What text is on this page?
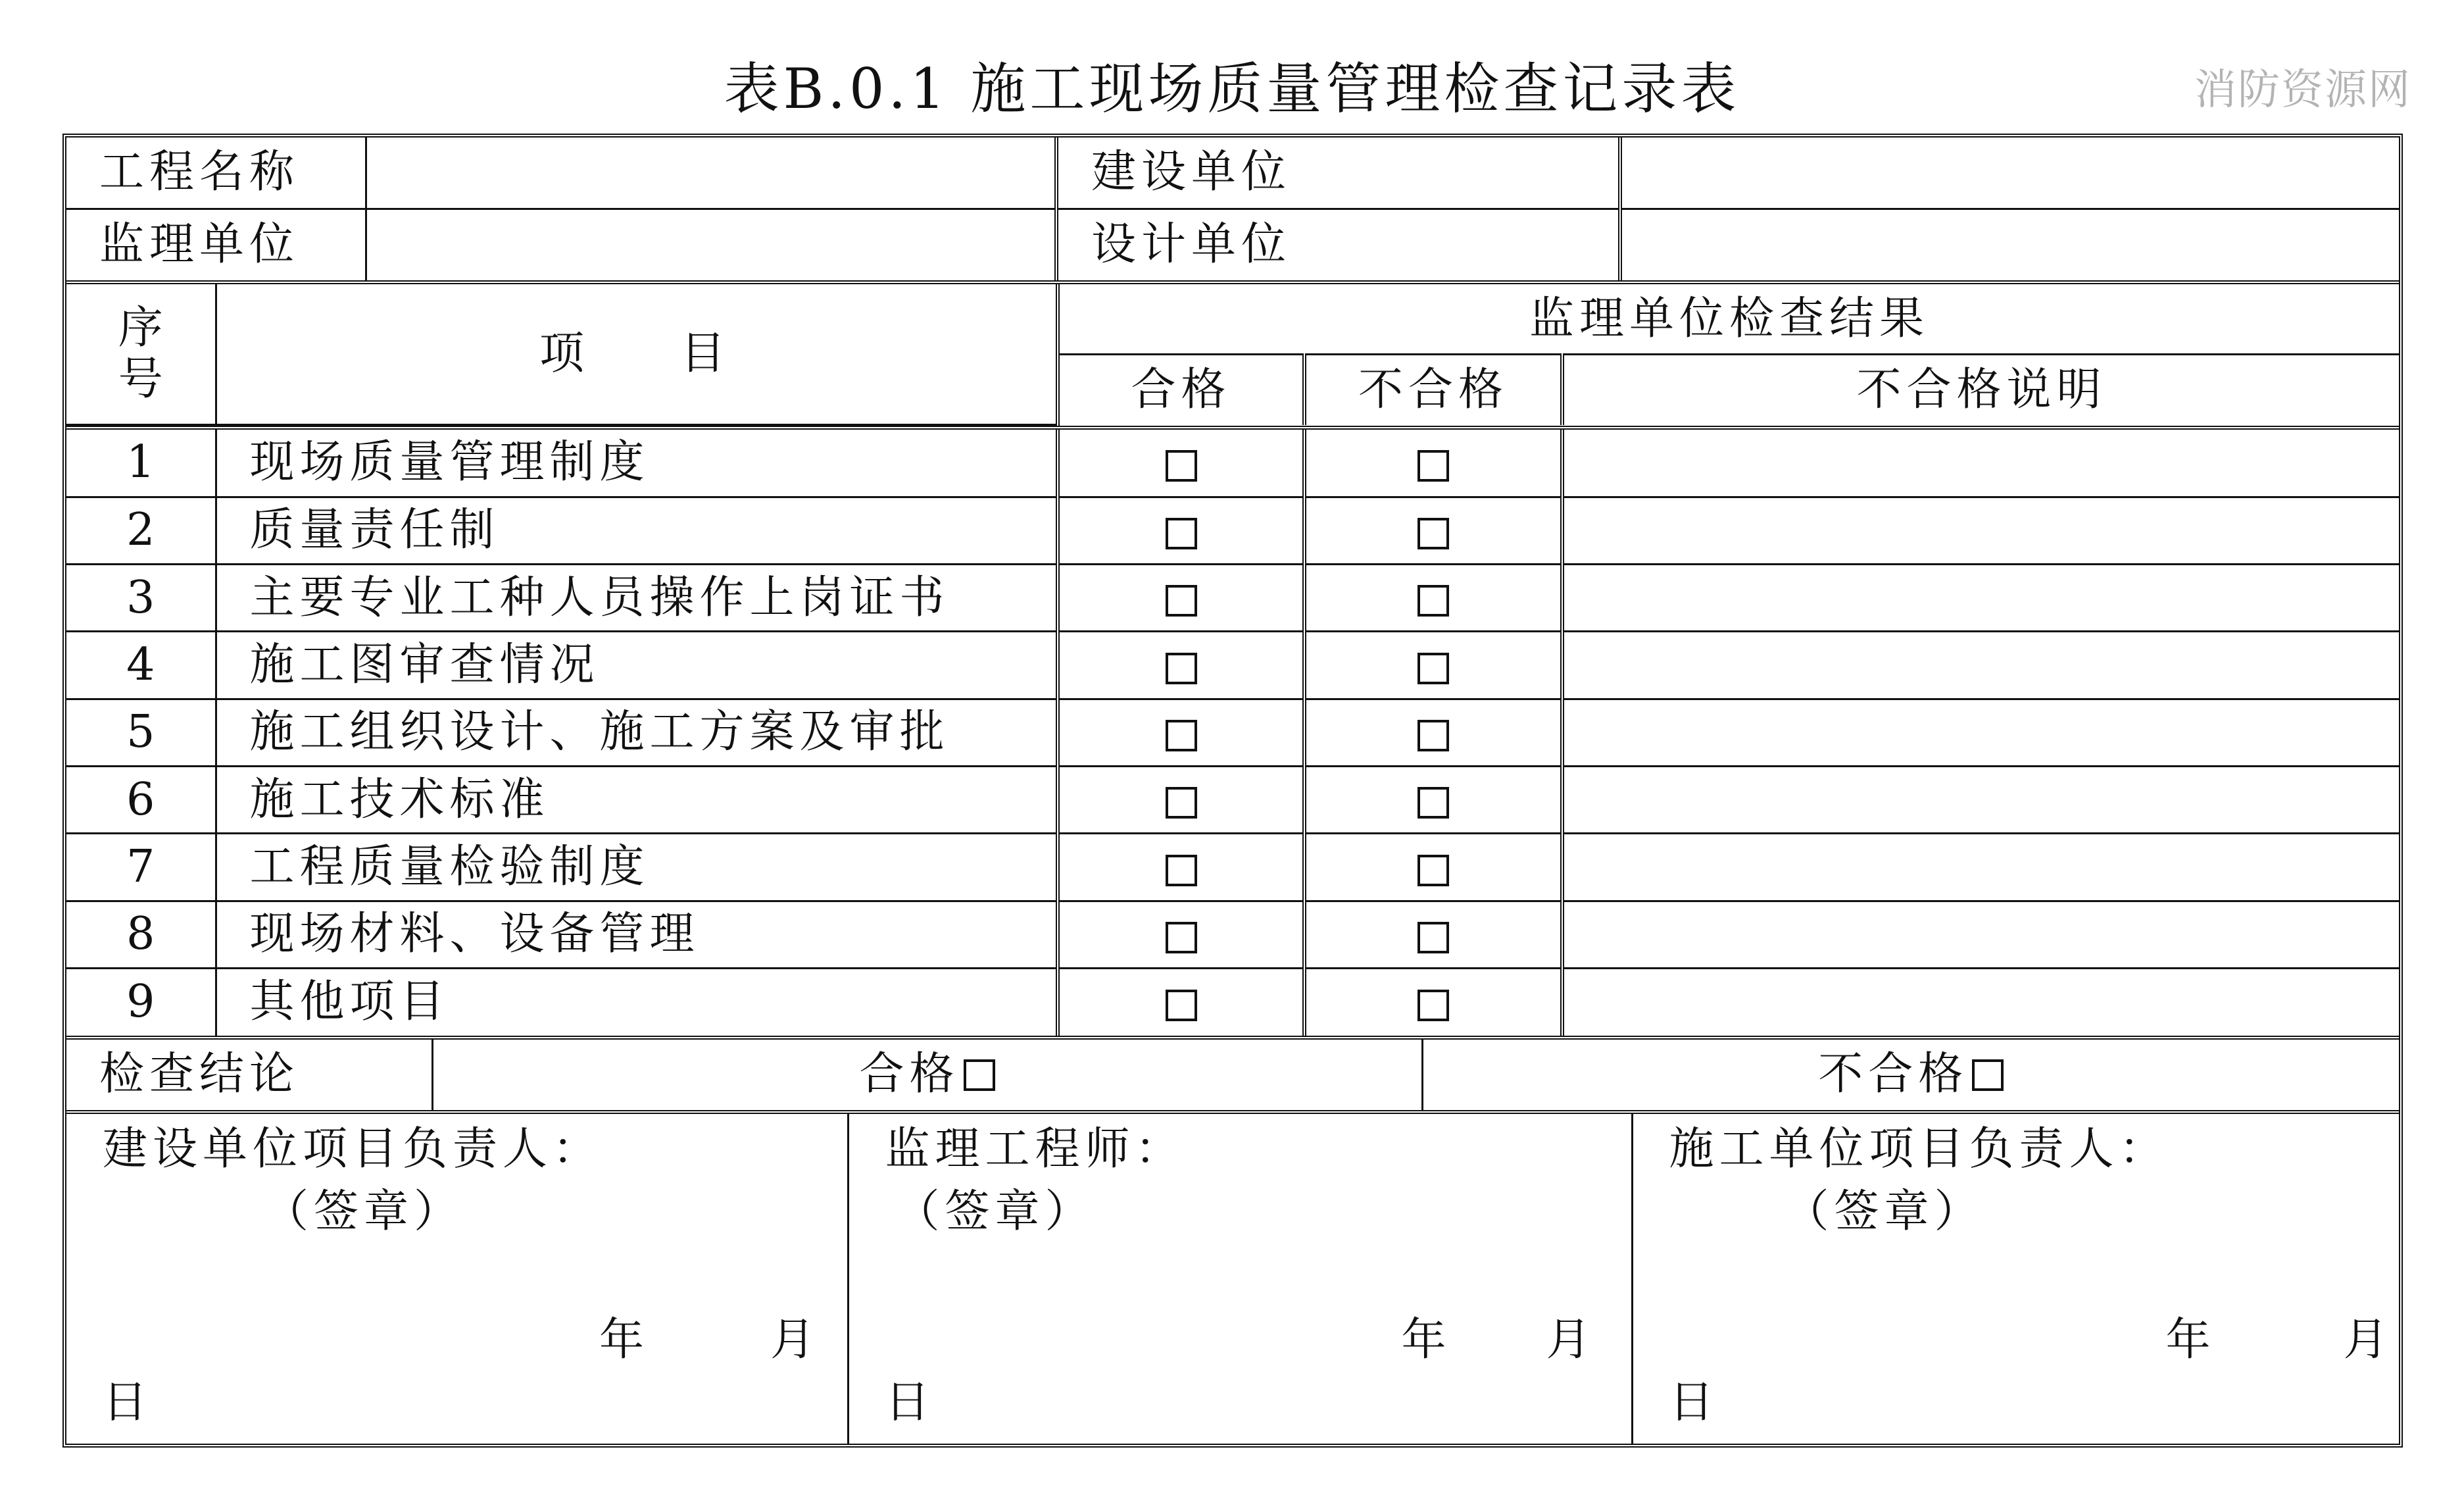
表B.0.1 施工现场质量管理检查记录表	消防资源网
工程名称		建设单位	
监理单位		设计单位	
序号	项    目	监理单位检查结果		
		合格	不合格	不合格说明
1	现场质量管理制度			
2	质量责任制			
3	主要专业工种人员操作上岗证书			
4	施工图审查情况			
5	施工组织设计、施工方案及审批			
6	施工技术标准			
7	工程质量检验制度			
8	现场材料、设备管理			
9	其他项目			
检查结论	合格	不合格
建设单位项目负责人：
（签章）
年	月
日

监理工程师：
（签章）
年 月
日

施工单位项目负责人：
（签章）
年	月
日
